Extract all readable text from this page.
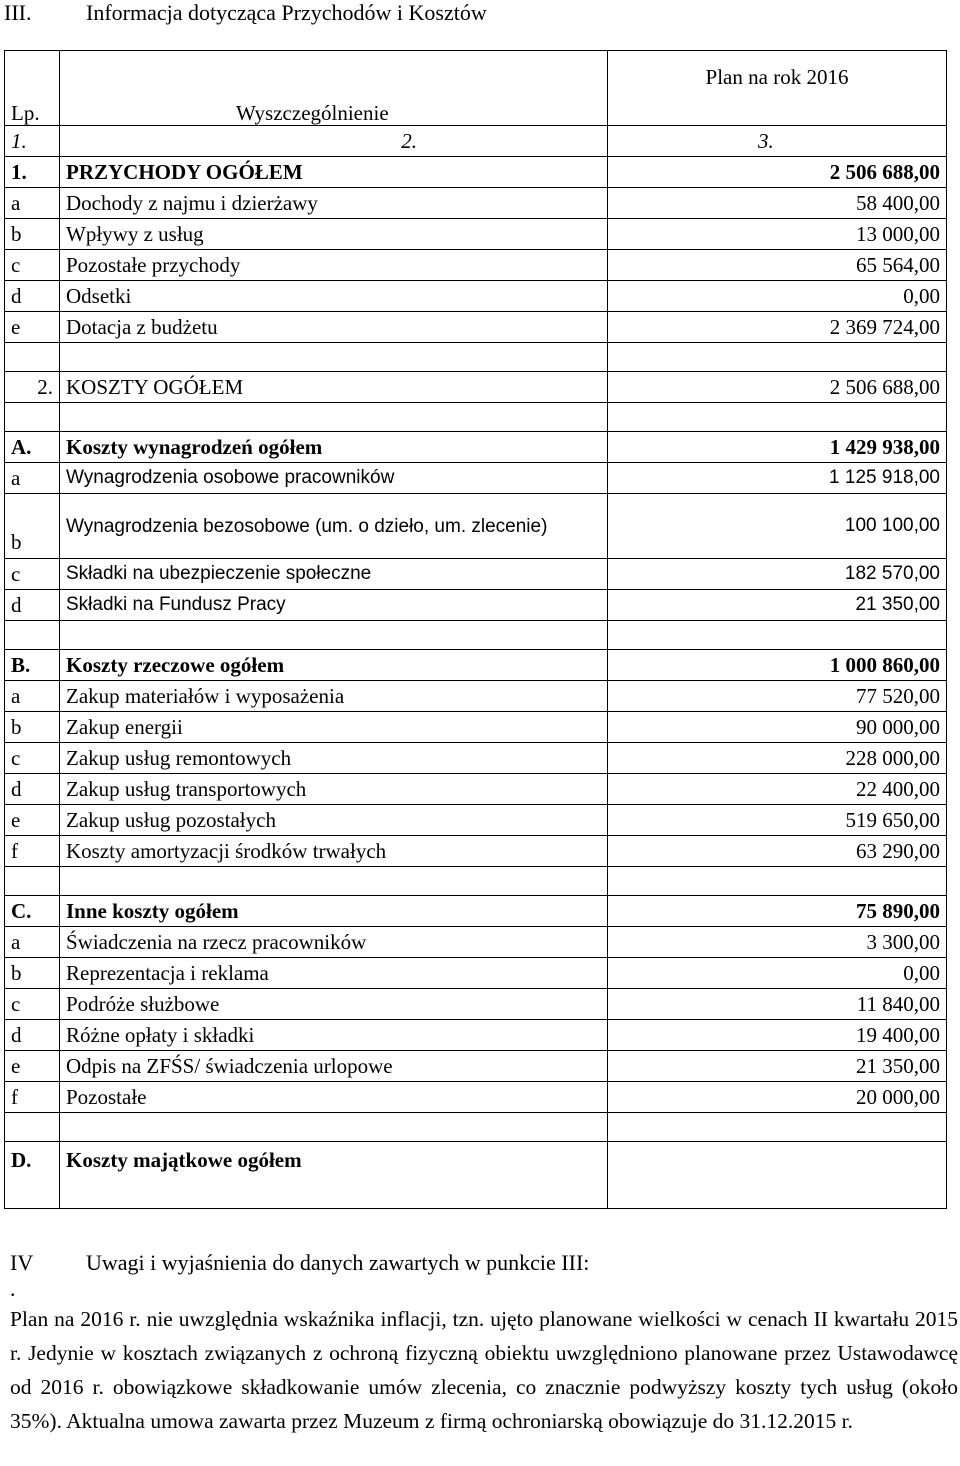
III. Informacja dotycząca Przychodów i Kosztów
Lp.	Wyszczególnienie	Plan na rok 2016
1.	2.	3.
1.	PRZYCHODY OGÓŁEM	2 506 688,00
a	Dochody z najmu i dzierżawy	58 400,00
b	Wpływy z usług	13 000,00
c	Pozostałe przychody	65 564,00
d	Odsetki	0,00
e	Dotacja z budżetu	2 369 724,00

2.	KOSZTY OGÓŁEM	2 506 688,00

A.	Koszty wynagrodzeń ogółem	1 429 938,00
a	Wynagrodzenia osobowe pracowników	1 125 918,00
b	Wynagrodzenia bezosobowe (um. o dzieło, um. zlecenie)	100 100,00
c	Składki na ubezpieczenie społeczne	182 570,00
d	Składki na Fundusz Pracy	21 350,00

B.	Koszty rzeczowe ogółem	1 000 860,00
a	Zakup materiałów i wyposażenia	77 520,00
b	Zakup energii	90 000,00
c	Zakup usług remontowych	228 000,00
d	Zakup usług transportowych	22 400,00
e	Zakup usług pozostałych	519 650,00
f	Koszty amortyzacji środków trwałych	63 290,00

C.	Inne koszty ogółem	75 890,00
a	Świadczenia na rzecz pracowników	3 300,00
b	Reprezentacja i reklama	0,00
c	Podróże służbowe	11 840,00
d	Różne opłaty i składki	19 400,00
e	Odpis na ZFŚS/ świadczenia urlopowe	21 350,00
f	Pozostałe	20 000,00

D.	Koszty majątkowe ogółem	
IV .
Uwagi i wyjaśnienia do danych zawartych w punkcie III:
Plan na 2016 r. nie uwzględnia wskaźnika inflacji, tzn. ujęto planowane wielkości w cenach II kwartału 2015 r. Jedynie w kosztach związanych z ochroną fizyczną obiektu uwzględniono planowane przez Ustawodawcę od 2016 r. obowiązkowe składkowanie umów zlecenia, co znacznie podwyższy koszty tych usług (około 35%). Aktualna umowa zawarta przez Muzeum z firmą ochroniarską obowiązuje do 31.12.2015 r.
